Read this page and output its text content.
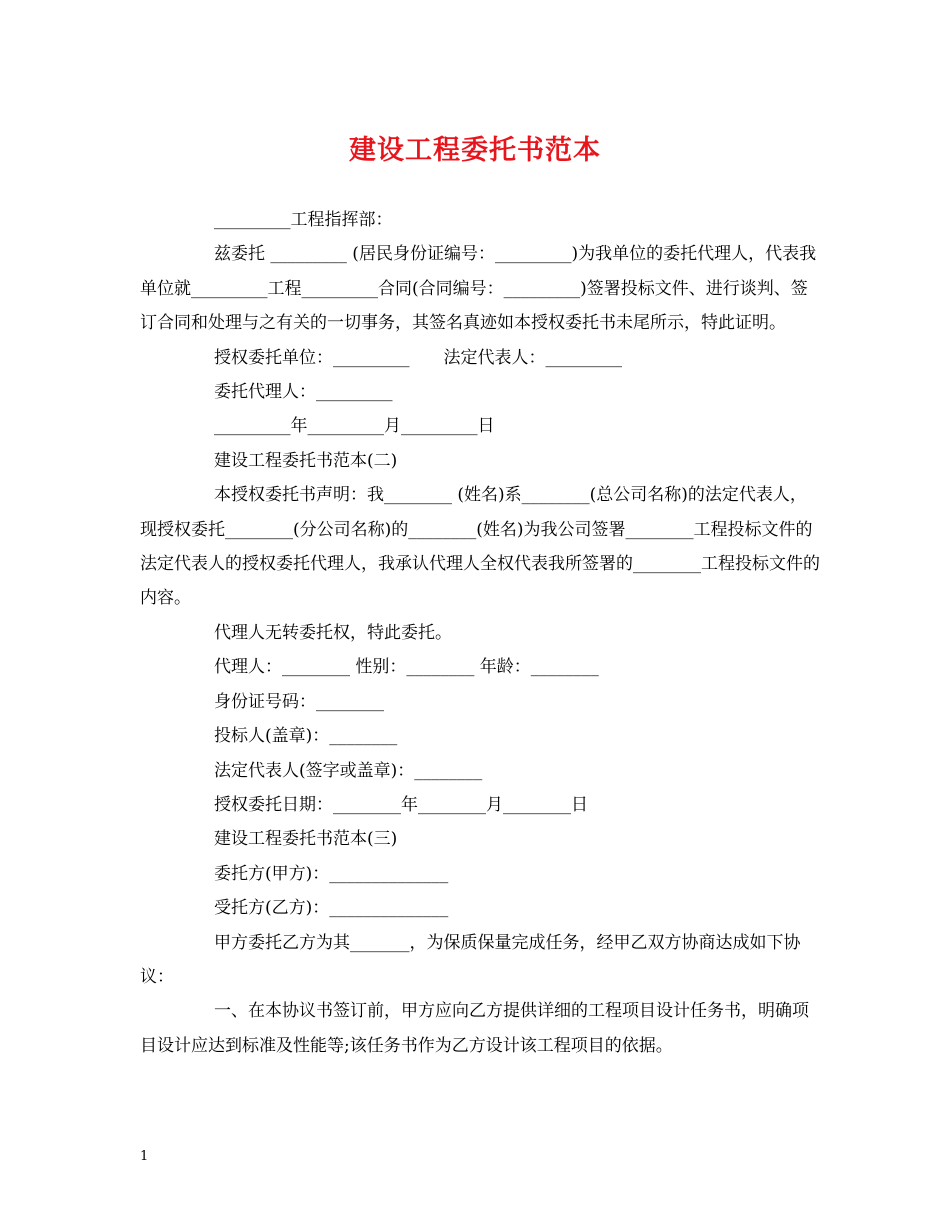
建设工程委托书范本

_________工程指挥部：

兹委托 _________ (居民身份证编号：_________)为我单位的委托代理人，代表我单位就_________工程_________合同(合同编号：_________)签署投标文件、进行谈判、签订合同和处理与之有关的一切事务，其签名真迹如本授权委托书未尾所示，特此证明。

授权委托单位：_________　　法定代表人：_________

委托代理人：_________

_________年_________月_________日

建设工程委托书范本(二)

本授权委托书声明：我________ (姓名)系________(总公司名称)的法定代表人，现授权委托________(分公司名称)的________(姓名)为我公司签署________工程投标文件的法定代表人的授权委托代理人，我承认代理人全权代表我所签署的________工程投标文件的内容。

代理人无转委托权，特此委托。

代理人：________ 性别：________ 年龄：________

身份证号码：________

投标人(盖章)：________

法定代表人(签字或盖章)：________

授权委托日期：________年________月________日

建设工程委托书范本(三)

委托方(甲方)：______________

受托方(乙方)：______________

甲方委托乙方为其_______，为保质保量完成任务，经甲乙双方协商达成如下协议：

一、在本协议书签订前，甲方应向乙方提供详细的工程项目设计任务书，明确项目设计应达到标准及性能等;该任务书作为乙方设计该工程项目的依据。

1
